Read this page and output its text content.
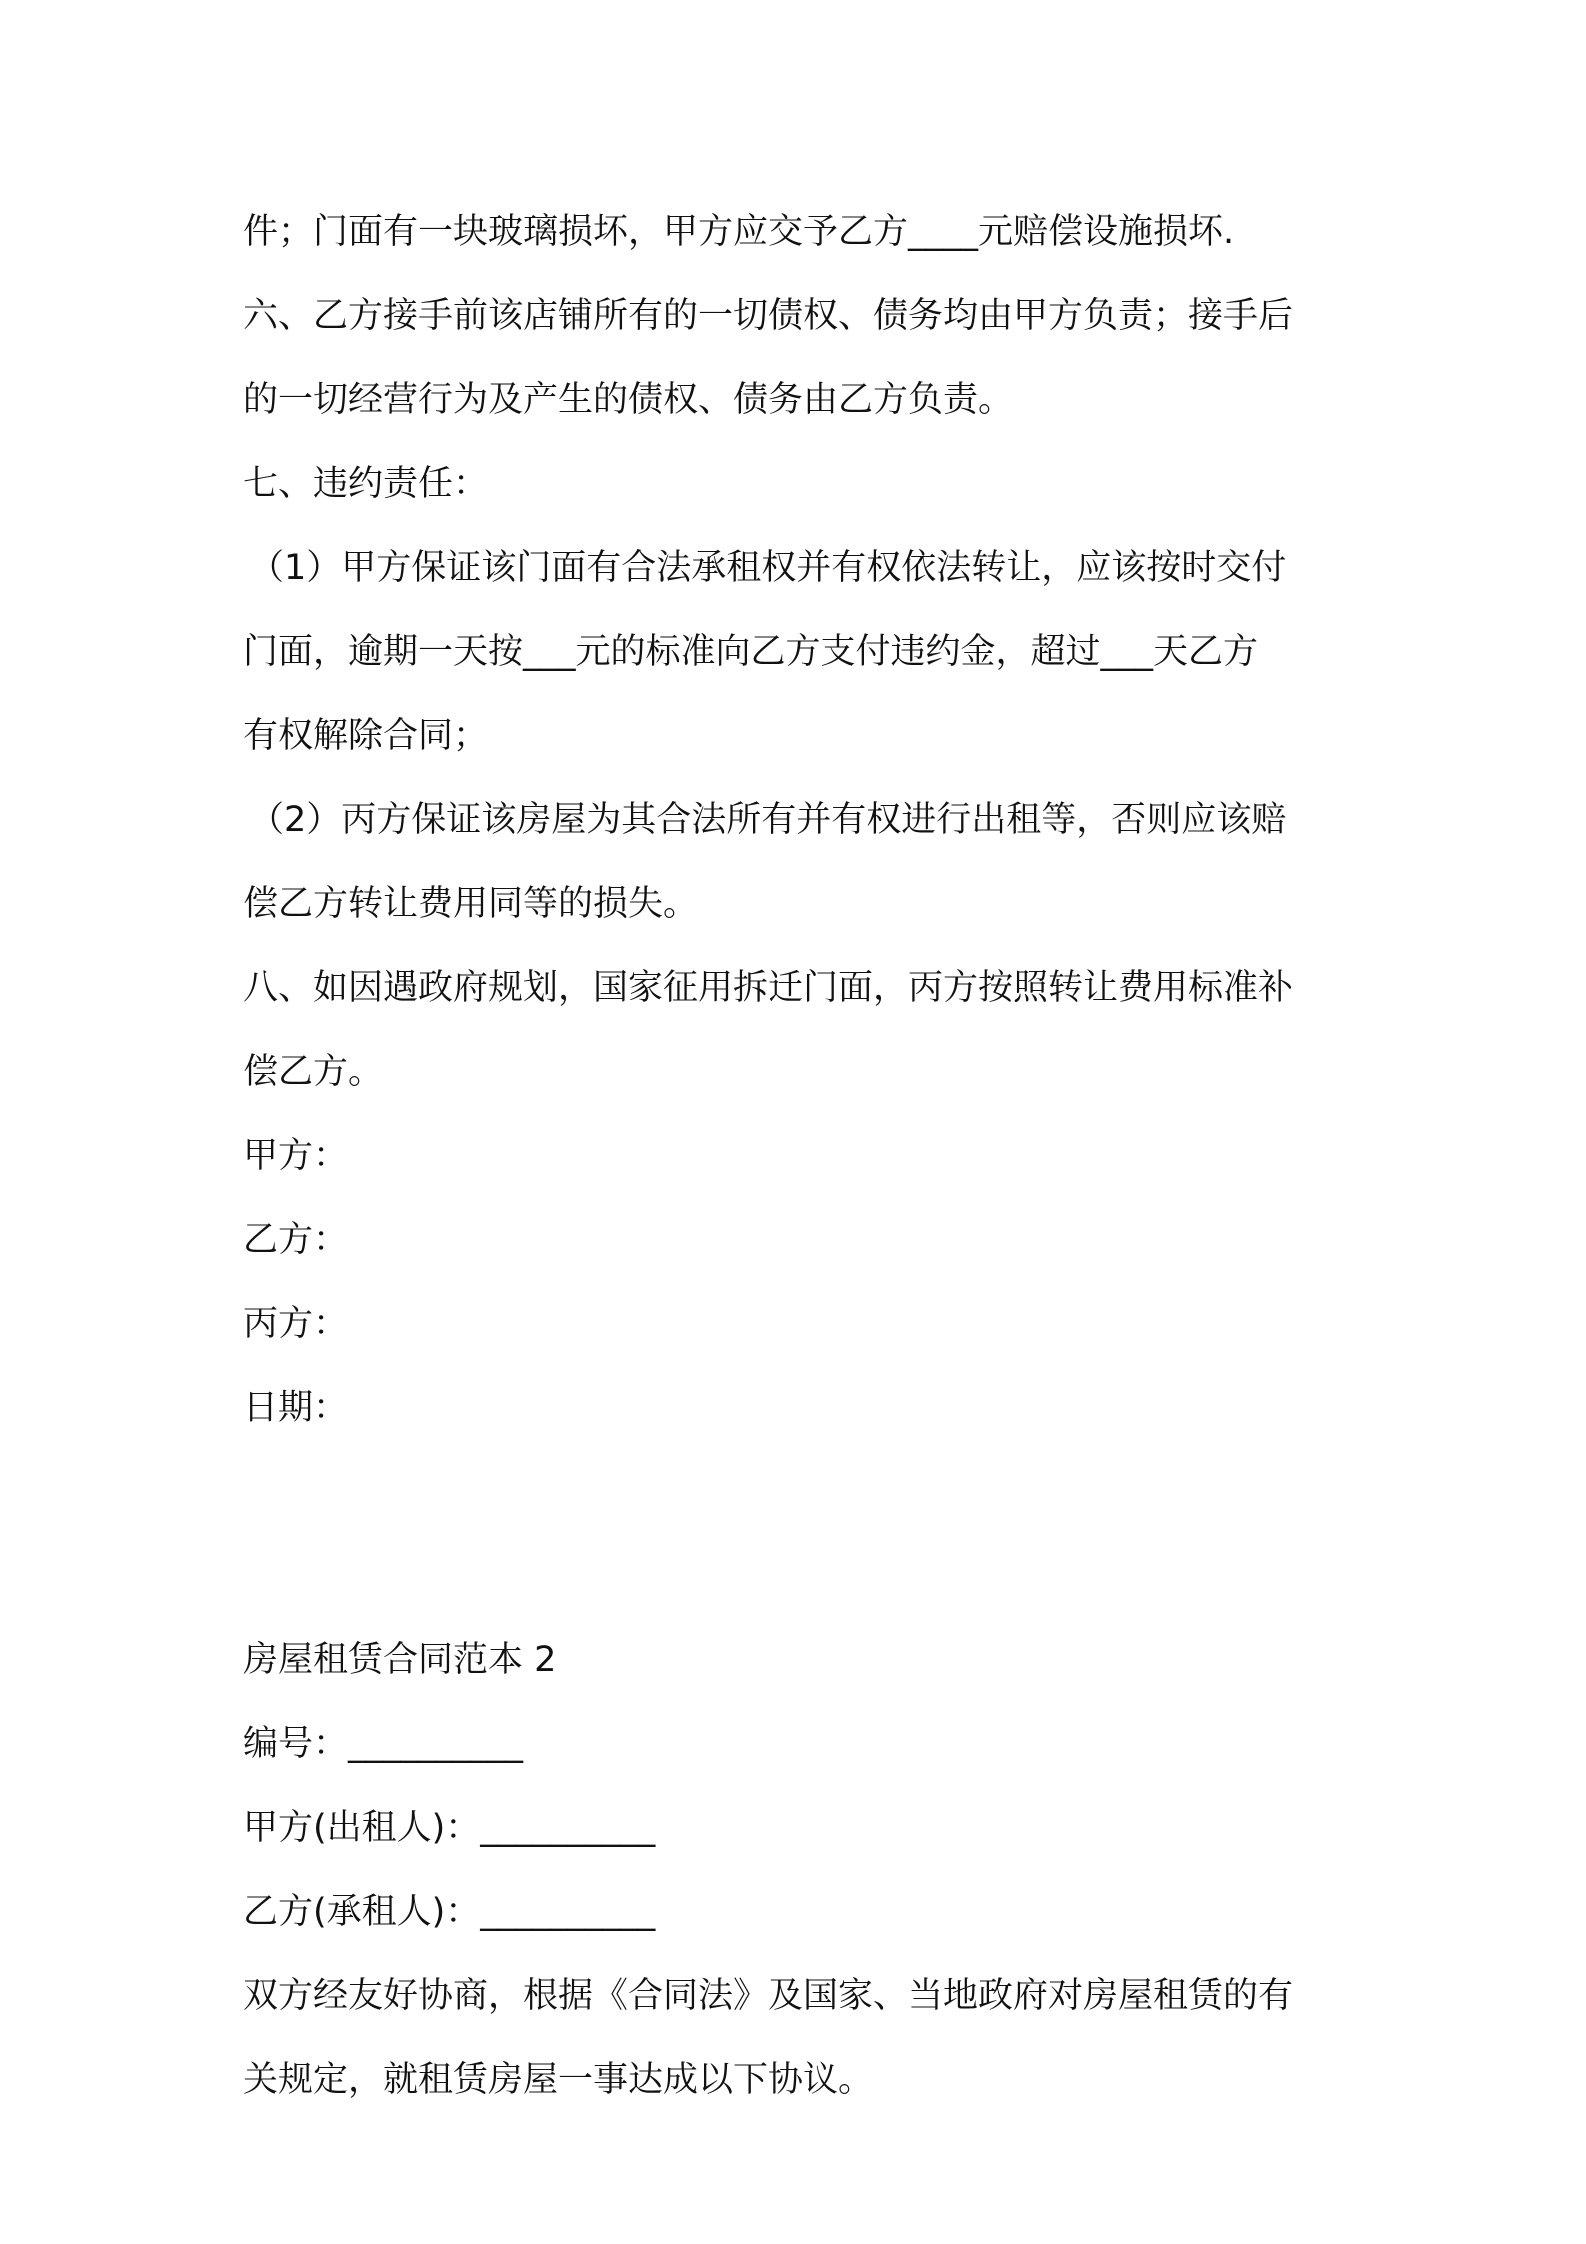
件；门面有一块玻璃损坏，甲方应交予乙方____元赔偿设施损坏.
六、乙方接手前该店铺所有的一切债权、债务均由甲方负责；接手后
的一切经营行为及产生的债权、债务由乙方负责。
七、违约责任：
（1）甲方保证该门面有合法承租权并有权依法转让，应该按时交付
门面，逾期一天按___元的标准向乙方支付违约金，超过___天乙方
有权解除合同；
（2）丙方保证该房屋为其合法所有并有权进行出租等，否则应该赔
偿乙方转让费用同等的损失。
八、如因遇政府规划，国家征用拆迁门面，丙方按照转让费用标准补
偿乙方。
甲方：
乙方：
丙方：
日期：
房屋租赁合同范本 2
编号：__________
甲方(出租人)：__________
乙方(承租人)：__________
双方经友好协商，根据《合同法》及国家、当地政府对房屋租赁的有
关规定，就租赁房屋一事达成以下协议。
